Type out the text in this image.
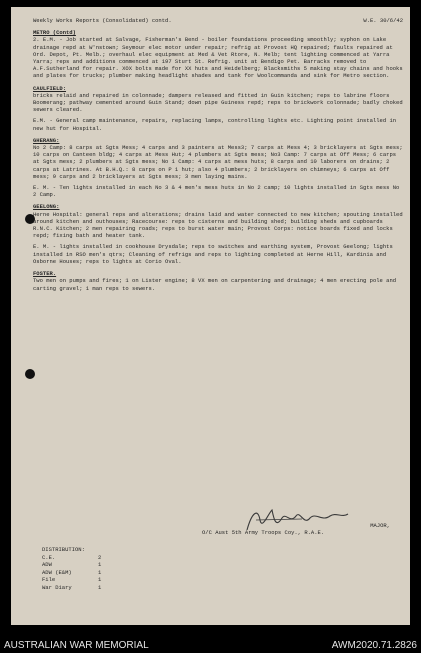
Weekly Works Reports (Consolidated) contd.	W.E. 30/6/42
METRO (Contd)

2. E.M. - Job started at Salvage, Fisherman's Bend - boiler foundations proceeding smoothly; syphon on Lake drainage repd at W'nstown; Seymour elec motor under repair; refrig at Provost HQ repaired; faults repaired at Ord. Depot, Pt. Melb.; overhaul elec equipment at Med & Vet Rtore, N. Melb; tent lighting commenced at Yarra Yarra; reps and additions commenced at 197 Sturt St. Refrig. unit at Bendigo Pet. Barracks removed to A.F.Sutherland for repair. XOX bolts made for XX huts and Heidelberg; Blacksmiths 5 making stay chains and hooks and plates for trucks; plumber making headlight shades and tank for Woolcommanda and sink for Metro section.

CAULFIELD:

bricks relaid and repaired in colonnade; dampers released and fitted in Guin kitchen; reps to labrine floors Boomerang; pathway cemented around Guin Stand; down pipe Guiness repd; reps to brickwork colonnade; badly choked sewers cleared.

E.M. - General camp maintenance, repairs, replacing lamps, controlling lights etc. Lighting point installed in new hut for Hospital.

GHERANG:

No 2 Camp: 8 carps at Sgts Mess; 4 carps and 3 painters at Mess3; 7 carps at Mess 4; 3 bricklayers at Sgts mess; 10 carps on Canteen bldg; 4 carps at Mess Hut; 4 plumbers at Sgts mess; No3 Camp: 7 carps at Off Mess; 6 carps at Sgts mess; 2 plumbers at Sgts mess; No 1 Camp: 4 carps at mess huts; 8 carps and 10 laborers on drains; 2 carps at Latrines. At B.H.Q.: 8 carps on P 1 hut; also 4 plumbers; 2 bricklayers on chimneys; 6 carps at Off mess; 9 carps and 2 bricklayers at Sgts mess; 3 men laying mains.

E. M. - Ten lights installed in each No 3 & 4 men's mess huts in No 2 camp; 10 lights installed in Sgts mess No 2 Camp.

GEELONG:

Herne Hospital: general reps and alterations; drains laid and water connected to new kitchen; spouting installed around kitchen and outhouses; Racecourse: reps to cisterns and building shed; building sheds and cupboards R.N.C. Kitchen; 2 men repairing roads; reps to burst water main; Provost Corps: notice boards fixed and locks repd; fixing bath and heater tank.

E. M. - lights installed in cookhouse Drysdale; reps to switches and earthing system, Provost Geelong; lights installed in RSO men's qtrs; Cleaning of refrigs and reps to lighting completed at Herne Hill, Kardinia and Osborne Houses; reps to lights at Corio Oval.

FOSTER.

Two men on pumps and fires; 1 on Lister engine; 8 VX men on carpentering and drainage; 4 men erecting pole and carting gravel; 1 man reps to sewers.

MAJOR,
O/C Aust 5th Army Troops Coy., R.A.E.
DISTRIBUTION:
C.E.	2
ADW	1
ADW (E&M)	1
File	1
War Diary	1
AUSTRALIAN WAR MEMORIAL	AWM2020.71.2826
